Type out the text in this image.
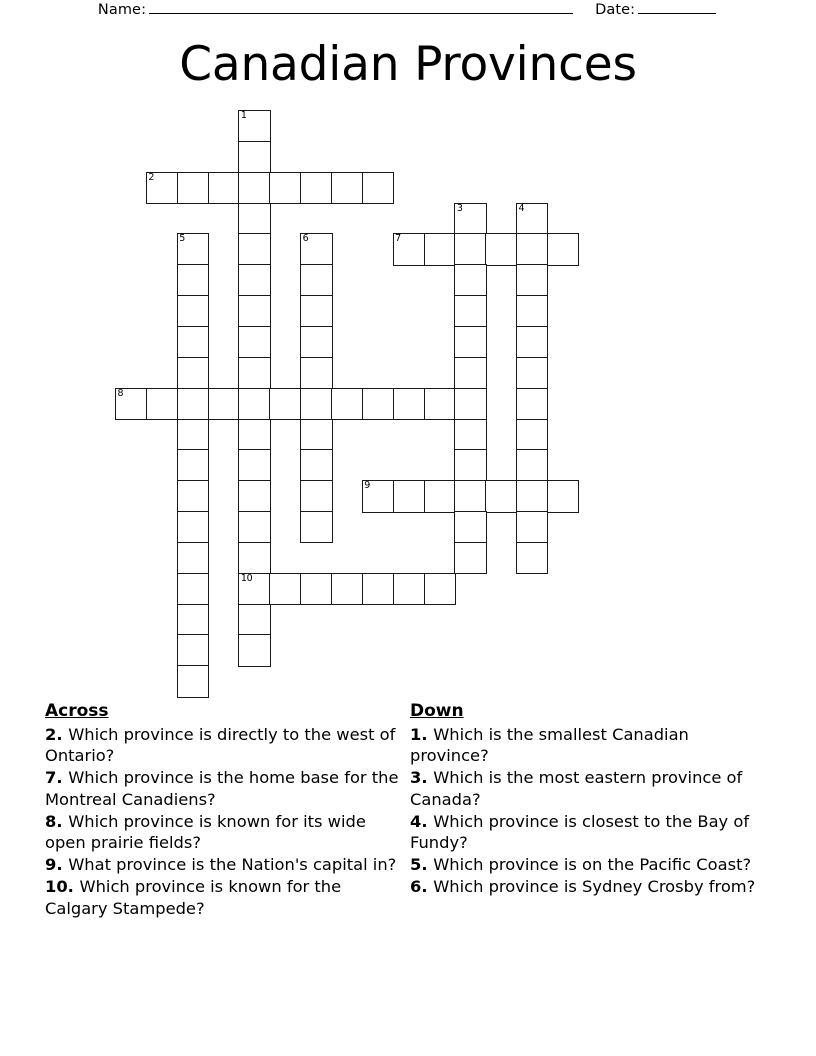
Name:	Date:
Canadian Provinces
1
2
3	4
5	6	7
8
9
10
Across
2. Which province is directly to the west of Ontario?
7. Which province is the home base for the Montreal Canadiens?
8. Which province is known for its wide open prairie fields?
9. What province is the Nation's capital in?
10. Which province is known for the Calgary Stampede?
Down
1. Which is the smallest Canadian province?
3. Which is the most eastern province of Canada?
4. Which province is closest to the Bay of Fundy?
5. Which province is on the Pacific Coast?
6. Which province is Sydney Crosby from?
